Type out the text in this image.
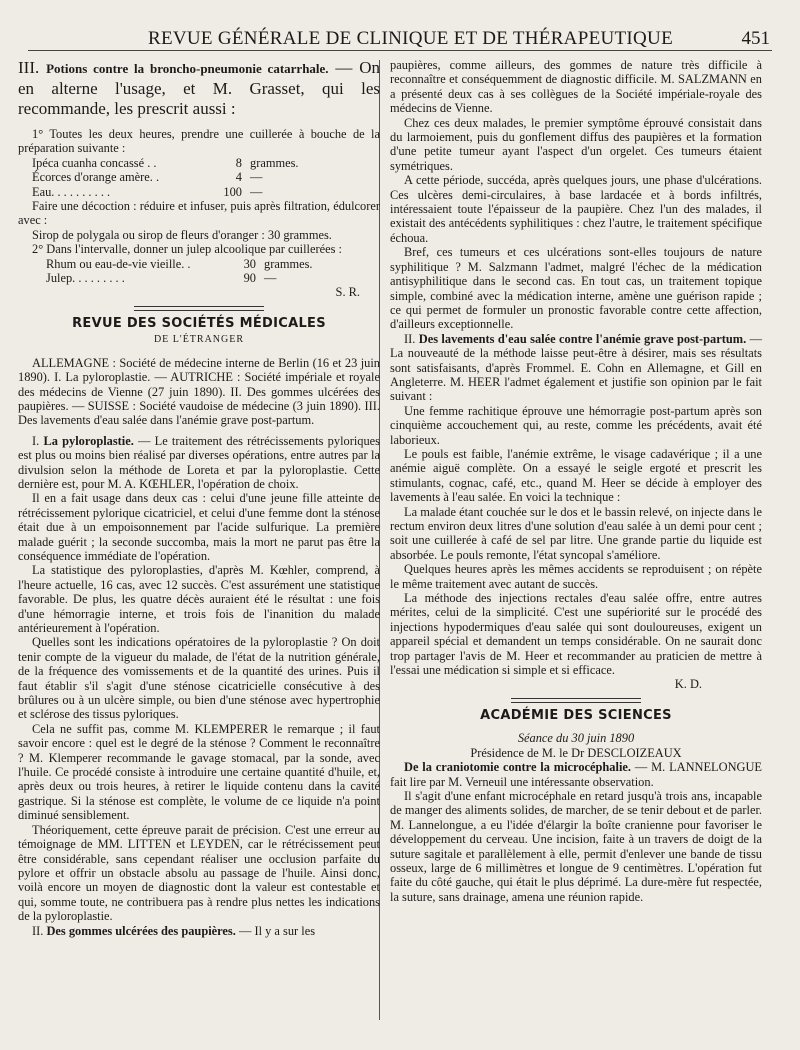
REVUE GÉNÉRALE DE CLINIQUE ET DE THÉRAPEUTIQUE	451

III. Potions contre la broncho-pneumonie catarrhale. — On en alterne l'usage, et M. Grasset, qui les recommande, les prescrit aussi :

1° Toutes les deux heures, prendre une cuillerée à bouche de la préparation suivante :

Ipéca cuanha concassé . .	8 grammes.
Écorces d'orange amère. .	4 —
Eau. . . . . . . . . .	100 —

Faire une décoction : réduire et infuser, puis après filtration, édulcorer avec :

Sirop de polygala ou sirop de fleurs d'oranger : 30 grammes.

2° Dans l'intervalle, donner un julep alcoolique par cuillerées :

Rhum ou eau-de-vie vieille. .	30 grammes.
Julep. . . . . . . . .	90 —

S. R.

REVUE DES SOCIÉTÉS MÉDICALES
DE L'ÉTRANGER

ALLEMAGNE : Société de médecine interne de Berlin (16 et 23 juin 1890). I. La pyloroplastie. — AUTRICHE : Société impériale et royale des médecins de Vienne (27 juin 1890). II. Des gommes ulcérées des paupières. — SUISSE : Société vaudoise de médecine (3 juin 1890). III. Des lavements d'eau salée dans l'anémie grave post-partum.

I. La pyloroplastie. — Le traitement des rétrécissements pyloriques est plus ou moins bien réalisé par diverses opérations, entre autres par la divulsion selon la méthode de Loreta et par la pyloroplastie. Cette dernière est, pour M. A. KŒHLER, l'opération de choix.

Il en a fait usage dans deux cas : celui d'une jeune fille atteinte de rétrécissement pylorique cicatriciel, et celui d'une femme dont la sténose était due à un empoisonnement par l'acide sulfurique. La première malade guérit ; la seconde succomba, mais la mort ne parut pas être la conséquence immédiate de l'opération.

La statistique des pyloroplasties, d'après M. Kœhler, comprend, à l'heure actuelle, 16 cas, avec 12 succès. C'est assurément une statistique favorable. De plus, les quatre décès auraient été le résultat : une fois d'une hémorragie interne, et trois fois de l'inanition du malade antérieurement à l'opération.

Quelles sont les indications opératoires de la pyloroplastie ? On doit tenir compte de la vigueur du malade, de l'état de la nutrition générale, de la fréquence des vomissements et de la quantité des urines. Puis il faut établir s'il s'agit d'une sténose cicatricielle consécutive à des brûlures ou à un ulcère simple, ou bien d'une sténose avec hypertrophie et sclérose des tissus pyloriques.

Cela ne suffit pas, comme M. KLEMPERER le remarque ; il faut savoir encore : quel est le degré de la sténose ? Comment le reconnaître ? M. Klemperer recommande le gavage stomacal, par la sonde, avec l'huile. Ce procédé consiste à introduire une certaine quantité d'huile, et, après deux ou trois heures, à retirer le liquide contenu dans la cavité gastrique. Si la sténose est complète, le volume de ce liquide n'a point diminué sensiblement.

Théoriquement, cette épreuve parait de précision. C'est une erreur au témoignage de MM. LITTEN et LEYDEN, car le rétrécissement peut être considérable, sans cependant réaliser une occlusion parfaite du pylore et offrir un obstacle absolu au passage de l'huile. Ainsi donc, voilà encore un moyen de diagnostic dont la valeur est contestable et qui, somme toute, ne contribuera pas à rendre plus nettes les indications de la pyloroplastie.

II. Des gommes ulcérées des paupières. — Il y a sur les

paupières, comme ailleurs, des gommes de nature très difficile à reconnaître et conséquemment de diagnostic difficile. M. SALZMANN en a présenté deux cas à ses collègues de la Société impériale-royale des médecins de Vienne.

Chez ces deux malades, le premier symptôme éprouvé consistait dans du larmoiement, puis du gonflement diffus des paupières et la formation d'une petite tumeur ayant l'aspect d'un orgelet. Ces tumeurs étaient symétriques.

A cette période, succéda, après quelques jours, une phase d'ulcérations. Ces ulcères demi-circulaires, à base lardacée et à bords infiltrés, intéressaient toute l'épaisseur de la paupière. Chez l'un des malades, il existait des antécédents syphilitiques : chez l'autre, le traitement spécifique échoua.

Bref, ces tumeurs et ces ulcérations sont-elles toujours de nature syphilitique ? M. Salzmann l'admet, malgré l'échec de la médication antisyphilitique dans le second cas. En tout cas, un traitement topique simple, combiné avec la médication interne, amène une guérison rapide ; ce qui permet de formuler un pronostic favorable contre cette affection, d'ailleurs exceptionnelle.

II. Des lavements d'eau salée contre l'anémie grave post-partum. — La nouveauté de la méthode laisse peut-être à désirer, mais ses résultats sont satisfaisants, d'après Frommel. E. Cohn en Allemagne, et Gill en Angleterre. M. HEER l'admet également et justifie son opinion par le fait suivant :

Une femme rachitique éprouve une hémorragie post-partum après son cinquième accouchement qui, au reste, comme les précédents, avait été laborieux.

Le pouls est faible, l'anémie extrême, le visage cadavérique ; il a une anémie aiguë complète. On a essayé le seigle ergoté et prescrit les stimulants, cognac, café, etc., quand M. Heer se décide à employer des lavements à l'eau salée. En voici la technique :

La malade étant couchée sur le dos et le bassin relevé, on injecte dans le rectum environ deux litres d'une solution d'eau salée à un demi pour cent ; soit une cuillerée à café de sel par litre. Une grande partie du liquide est absorbée. Le pouls remonte, l'état syncopal s'améliore.

Quelques heures après les mêmes accidents se reproduisent ; on répète le même traitement avec autant de succès.

La méthode des injections rectales d'eau salée offre, entre autres mérites, celui de la simplicité. C'est une supériorité sur le procédé des injections hypodermiques d'eau salée qui sont douloureuses, exigent un appareil spécial et demandent un temps considérable. On ne saurait donc trop partager l'avis de M. Heer et recommander au praticien de mettre à l'essai une médication si simple et si efficace.

K. D.

ACADÉMIE DES SCIENCES

Séance du 30 juin 1890

Présidence de M. le Dr DESCLOIZEAUX

De la craniotomie contre la microcéphalie. — M. LANNELONGUE fait lire par M. Verneuil une intéressante observation.

Il s'agit d'une enfant microcéphale en retard jusqu'à trois ans, incapable de manger des aliments solides, de marcher, de se tenir debout et de parler. M. Lannelongue, a eu l'idée d'élargir la boîte cranienne pour favoriser le développement du cerveau. Une incision, faite à un travers de doigt de la suture sagitale et parallèlement à elle, permit d'enlever une bande de tissu osseux, large de 6 millimètres et longue de 9 centimètres. L'opération fut faite du côté gauche, qui était le plus déprimé. La dure-mère fut respectée, la suture, sans drainage, amena une réunion rapide.
